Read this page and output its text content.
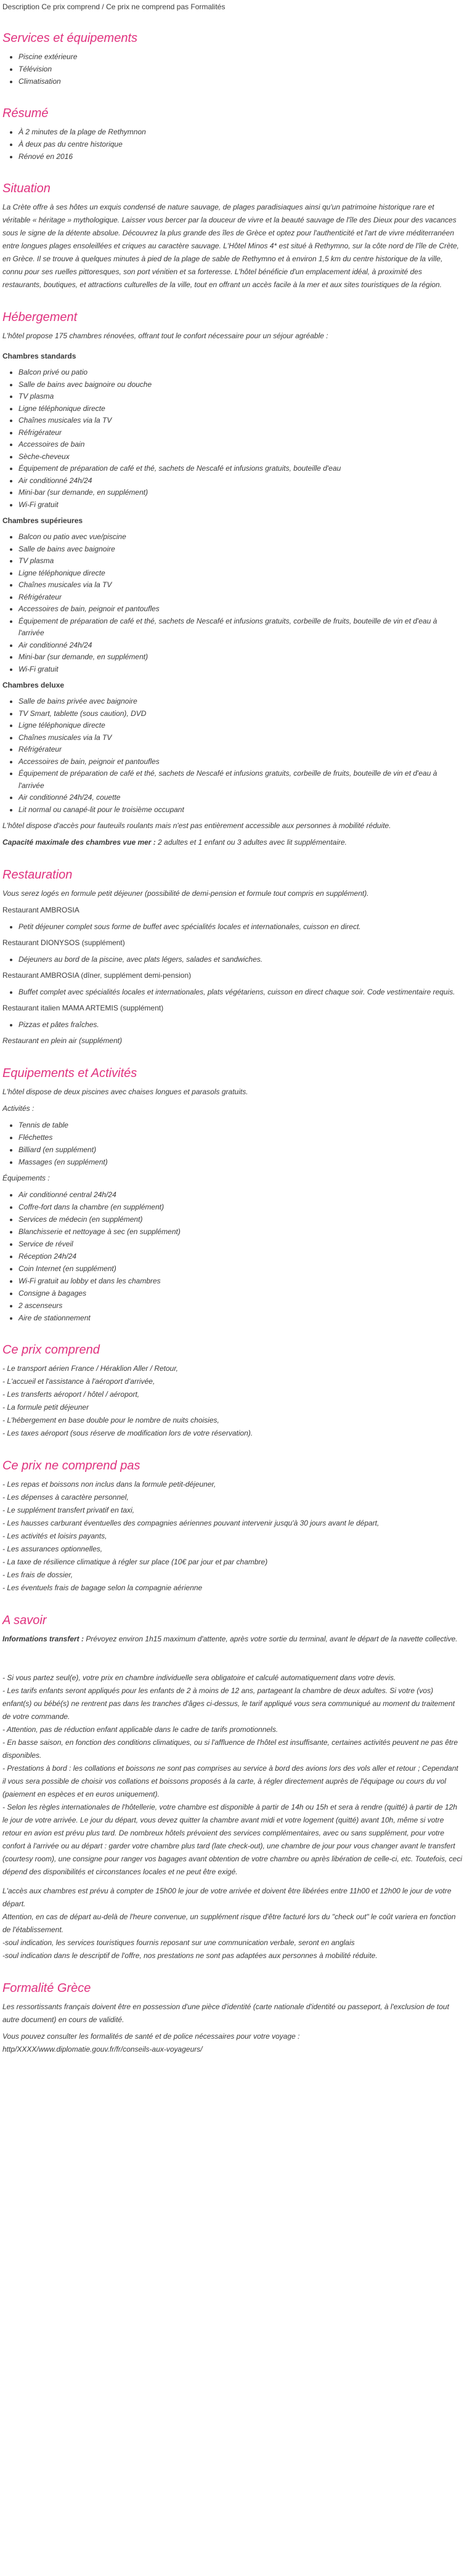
Description Ce prix comprend / Ce prix ne comprend pas Formalités
Services et équipements
• Piscine extérieure
• Télévision
• Climatisation
Résumé
• À 2 minutes de la plage de Rethymnon
• À deux pas du centre historique
• Rénové en 2016
Situation

La Crète offre à ses hôtes un exquis condensé de nature sauvage, de plages paradisiaques ainsi qu'un patrimoine historique rare et véritable « héritage » mythologique. Laisser vous bercer par la douceur de vivre et la beauté sauvage de l'île des Dieux pour des vacances sous le signe de la détente absolue. Découvrez la plus grande des îles de Grèce et optez pour l'authenticité et l'art de vivre méditerranéen entre longues plages ensoleillées et criques au caractère sauvage. L'Hôtel Minos 4* est situé à Rethymno, sur la côte nord de l'île de Crète, en Grèce. Il se trouve à quelques minutes à pied de la plage de sable de Rethymno et à environ 1,5 km du centre historique de la ville, connu pour ses ruelles pittoresques, son port vénitien et sa forteresse. L'hôtel bénéficie d'un emplacement idéal, à proximité des restaurants, boutiques, et attractions culturelles de la ville, tout en offrant un accès facile à la mer et aux sites touristiques de la région.

Hébergement

L'hôtel propose 175 chambres rénovées, offrant tout le confort nécessaire pour un séjour agréable :

Chambres standards

• Balcon privé ou patio
• Salle de bains avec baignoire ou douche
• TV plasma
• Ligne téléphonique directe
• Chaînes musicales via la TV
• Réfrigérateur
• Accessoires de bain
• Sèche-cheveux
• Équipement de préparation de café et thé, sachets de Nescafé et infusions gratuits, bouteille d'eau
• Air conditionné 24h/24
• Mini-bar (sur demande, en supplément)
• Wi-Fi gratuit

Chambres supérieures

• Balcon ou patio avec vue/piscine
• Salle de bains avec baignoire
• TV plasma
• Ligne téléphonique directe
• Chaînes musicales via la TV
• Réfrigérateur
• Accessoires de bain, peignoir et pantoufles
• Équipement de préparation de café et thé, sachets de Nescafé et infusions gratuits, corbeille de fruits, bouteille de vin et d'eau à l'arrivée
• Air conditionné 24h/24
• Mini-bar (sur demande, en supplément)
• Wi-Fi gratuit

Chambres deluxe

• Salle de bains privée avec baignoire
• TV Smart, tablette (sous caution), DVD
• Ligne téléphonique directe
• Chaînes musicales via la TV
• Réfrigérateur
• Accessoires de bain, peignoir et pantoufles
• Équipement de préparation de café et thé, sachets de Nescafé et infusions gratuits, corbeille de fruits, bouteille de vin et d'eau à l'arrivée
• Air conditionné 24h/24, couette
• Lit normal ou canapé-lit pour le troisième occupant

L'hôtel dispose d'accès pour fauteuils roulants mais n'est pas entièrement accessible aux personnes à mobilité réduite.

Capacité maximale des chambres vue mer : 2 adultes et 1 enfant ou 3 adultes avec lit supplémentaire.

Restauration

Vous serez logés en formule petit déjeuner (possibilité de demi-pension et formule tout compris en supplément).

Restaurant AMBROSIA

• Petit déjeuner complet sous forme de buffet avec spécialités locales et internationales, cuisson en direct.

Restaurant DIONYSOS (supplément)

• Déjeuners au bord de la piscine, avec plats légers, salades et sandwiches.

Restaurant AMBROSIA (dîner, supplément demi-pension)

• Buffet complet avec spécialités locales et internationales, plats végétariens, cuisson en direct chaque soir. Code vestimentaire requis.

Restaurant italien MAMA ARTEMIS (supplément)

• Pizzas et pâtes fraîches.

Restaurant en plein air (supplément)

Equipements et Activités

L'hôtel dispose de deux piscines avec chaises longues et parasols gratuits.

Activités :

• Tennis de table
• Fléchettes
• Billiard (en supplément)
• Massages (en supplément)

Équipements :

• Air conditionné central 24h/24
• Coffre-fort dans la chambre (en supplément)
• Services de médecin (en supplément)
• Blanchisserie et nettoyage à sec (en supplément)
• Service de réveil
• Réception 24h/24
• Coin Internet (en supplément)
• Wi-Fi gratuit au lobby et dans les chambres
• Consigne à bagages
• 2 ascenseurs
• Aire de stationnement
Ce prix comprend

- Le transport aérien France / Héraklion Aller / Retour,

- L'accueil et l'assistance à l'aéroport d'arrivée,

- Les transferts aéroport / hôtel / aéroport,

- La formule petit déjeuner

- L'hébergement en base double pour le nombre de nuits choisies,

- Les taxes aéroport (sous réserve de modification lors de votre réservation).

Ce prix ne comprend pas

- Les repas et boissons non inclus dans la formule petit-déjeuner,

- Les dépenses à caractère personnel,

- Le supplément transfert privatif en taxi,

- Les hausses carburant éventuelles des compagnies aériennes pouvant intervenir jusqu'à 30 jours avant le départ,

- Les activités et loisirs payants,

- Les assurances optionnelles,

- La taxe de résilience climatique à régler sur place (10€ par jour et par chambre)

- Les frais de dossier,

- Les éventuels frais de bagage selon la compagnie aérienne

A savoir

Informations transfert : Prévoyez environ 1h15 maximum d'attente, après votre sortie du terminal, avant le départ de la navette collective.

- Si vous partez seul(e), votre prix en chambre individuelle sera obligatoire et calculé automatiquement dans votre devis.

- Les tarifs enfants seront appliqués pour les enfants de 2 à moins de 12 ans, partageant la chambre de deux adultes. Si votre (vos) enfant(s) ou bébé(s) ne rentrent pas dans les tranches d'âges ci-dessus, le tarif appliqué vous sera communiqué au moment du traitement de votre commande.

- Attention, pas de réduction enfant applicable dans le cadre de tarifs promotionnels.

- En basse saison, en fonction des conditions climatiques, ou si l'affluence de l'hôtel est insuffisante, certaines activités peuvent ne pas être disponibles.

- Prestations à bord : les collations et boissons ne sont pas comprises au service à bord des avions lors des vols aller et retour ; Cependant il vous sera possible de choisir vos collations et boissons proposés à la carte, à régler directement auprès de l'équipage ou cours du vol (paiement en espèces et en euros uniquement).

- Selon les règles internationales de l'hôtellerie, votre chambre est disponible à partir de 14h ou 15h et sera à rendre (quitté) à partir de 12h le jour de votre arrivée. Le jour du départ, vous devez quitter la chambre avant midi et votre logement (quitté) avant 10h, même si votre retour en avion est prévu plus tard. De nombreux hôtels prévoient des services complémentaires, avec ou sans supplément, pour votre confort à l'arrivée ou au départ : garder votre chambre plus tard (late check-out), une chambre de jour pour vous changer avant le transfert (courtesy room), une consigne pour ranger vos bagages avant obtention de votre chambre ou après libération de celle-ci, etc. Toutefois, ceci dépend des disponibilités et circonstances locales et ne peut être exigé.

L'accès aux chambres est prévu à compter de 15h00 le jour de votre arrivée et doivent être libérées entre 11h00 et 12h00 le jour de votre départ.

Attention, en cas de départ au-delà de l'heure convenue, un supplément risque d'être facturé lors du "check out" le coût variera en fonction de l'établissement.

-soul indication, les services touristiques fournis reposant sur une communication verbale, seront en anglais

-soul indication dans le descriptif de l'offre, nos prestations ne sont pas adaptées aux personnes à mobilité réduite.

Formalité Grèce

Les ressortissants français doivent être en possession d'une pièce d'identité (carte nationale d'identité ou passeport, à l'exclusion de tout autre document) en cours de validité.

Vous pouvez consulter les formalités de santé et de police nécessaires pour votre voyage :

http/XXXX/www.diplomatie.gouv.fr/fr/conseils-aux-voyageurs/
